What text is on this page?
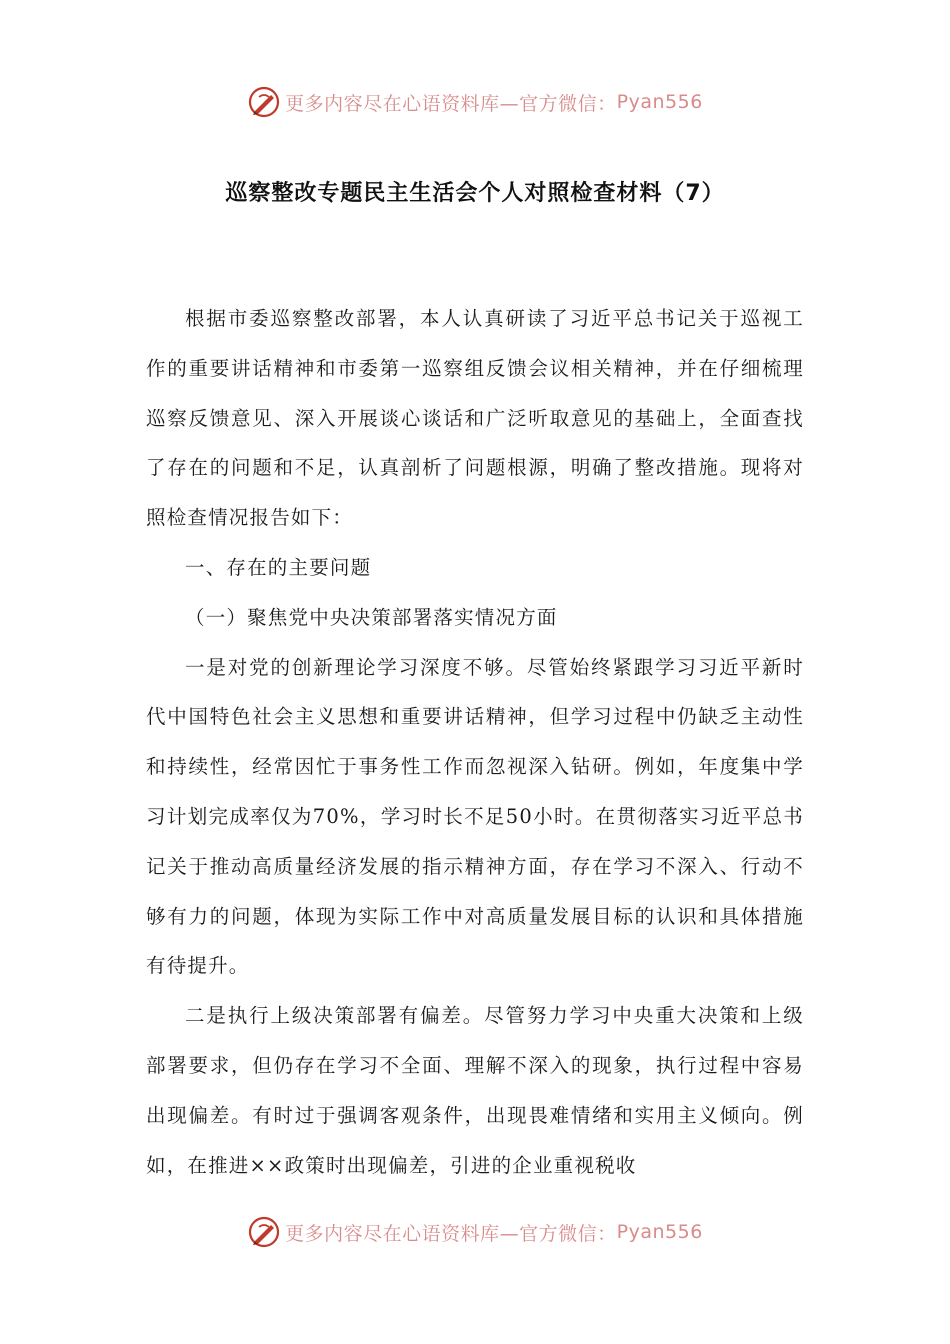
更多内容尽在心语资料库—官方微信： Pyan556
巡察整改专题民主生活会个人对照检查材料（7）

根据市委巡察整改部署，本人认真研读了习近平总书记关于巡视工作的重要讲话精神和市委第一巡察组反馈会议相关精神，并在仔细梳理巡察反馈意见、深入开展谈心谈话和广泛听取意见的基础上，全面查找了存在的问题和不足，认真剖析了问题根源，明确了整改措施。现将对照检查情况报告如下：

一、存在的主要问题

（一）聚焦党中央决策部署落实情况方面

一是对党的创新理论学习深度不够。尽管始终紧跟学习习近平新时代中国特色社会主义思想和重要讲话精神，但学习过程中仍缺乏主动性和持续性，经常因忙于事务性工作而忽视深入钻研。例如，年度集中学习计划完成率仅为70%，学习时长不足50小时。在贯彻落实习近平总书记关于推动高质量经济发展的指示精神方面，存在学习不深入、行动不够有力的问题，体现为实际工作中对高质量发展目标的认识和具体措施有待提升。

二是执行上级决策部署有偏差。尽管努力学习中央重大决策和上级部署要求，但仍存在学习不全面、理解不深入的现象，执行过程中容易出现偏差。有时过于强调客观条件，出现畏难情绪和实用主义倾向。例如，在推进××政策时出现偏差，引进的企业重视税收

更多内容尽在心语资料库—官方微信： Pyan556
